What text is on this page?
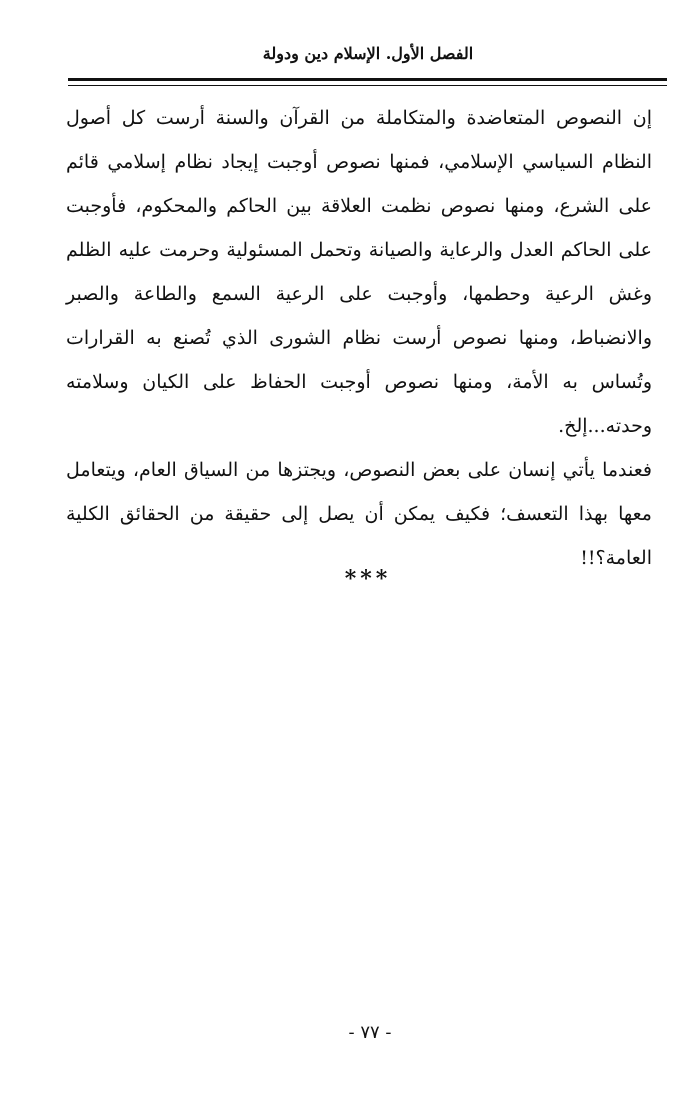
الفصل الأول. الإسلام دين ودولة

إن النصوص المتعاضدة والمتكاملة من القرآن والسنة أرست كل أصول النظام السياسي الإسلامي، فمنها نصوص أوجبت إيجاد نظام إسلامي قائم على الشرع، ومنها نصوص نظمت العلاقة بين الحاكم والمحكوم، فأوجبت على الحاكم العدل والرعاية والصيانة وتحمل المسئولية وحرمت عليه الظلم وغش الرعية وحطمها، وأوجبت على الرعية السمع والطاعة والصبر والانضباط، ومنها نصوص أرست نظام الشورى الذي تُصنع به القرارات وتُساس به الأمة، ومنها نصوص أوجبت الحفاظ على الكيان وسلامته وحدته...إلخ.

فعندما يأتي إنسان على بعض النصوص، ويجتزها من السياق العام، ويتعامل معها بهذا التعسف؛ فكيف يمكن أن يصل إلى حقيقة من الحقائق الكلية العامة؟!!

***
- ٧٧ -
